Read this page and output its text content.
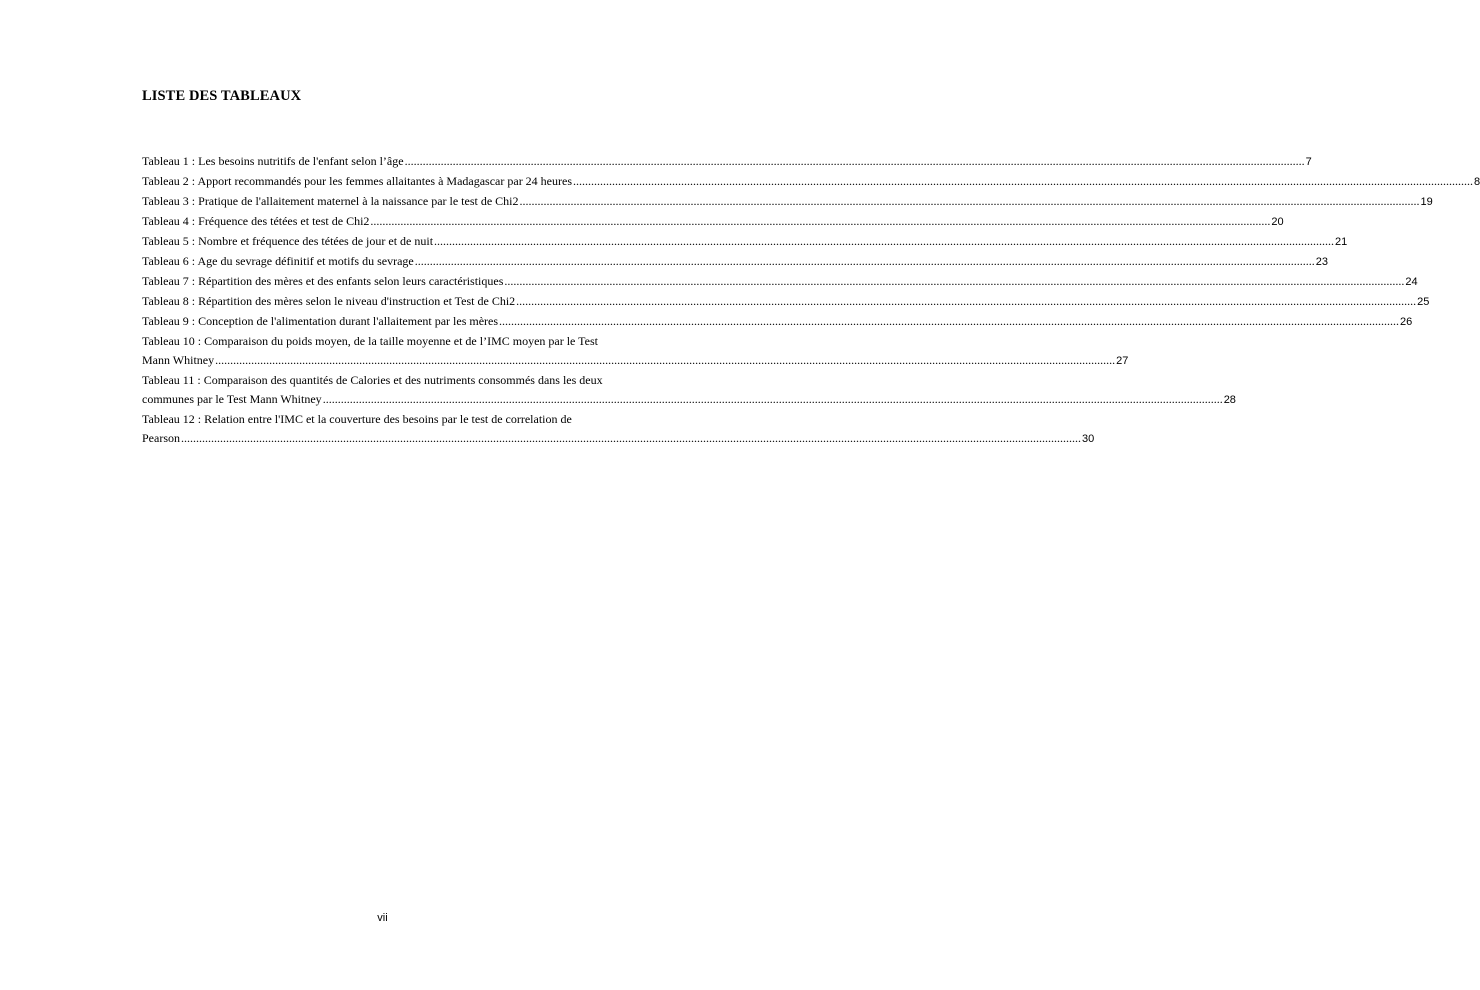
LISTE DES TABLEAUX
Tableau 1 : Les besoins nutritifs de l'enfant selon l’âge ............................................................................................................................................................................................................................................................................................................ 7
Tableau 2 : Apport recommandés pour les femmes allaitantes à Madagascar par 24 heures ............................................................................................................................................................................................................................................................................................................ 8
Tableau 3 : Pratique de l'allaitement maternel à la naissance par le test de Chi2 ............................................................................................................................................................................................................................................................................................................ 19
Tableau 4 : Fréquence des tétées et test de Chi2 ............................................................................................................................................................................................................................................................................................................ 20
Tableau 5 : Nombre et fréquence des tétées de jour et de nuit ............................................................................................................................................................................................................................................................................................................ 21
Tableau 6 : Age du sevrage définitif et motifs du sevrage ............................................................................................................................................................................................................................................................................................................ 23
Tableau 7 : Répartition des mères et des enfants selon leurs caractéristiques ............................................................................................................................................................................................................................................................................................................ 24
Tableau 8 : Répartition des mères selon le niveau d'instruction et Test de Chi2 ............................................................................................................................................................................................................................................................................................................ 25
Tableau 9 : Conception de l'alimentation durant l'allaitement par les mères ............................................................................................................................................................................................................................................................................................................ 26
Tableau 10 : Comparaison du poids moyen, de la taille moyenne et de l’IMC moyen par le Test
Mann Whitney ............................................................................................................................................................................................................................................................................................................ 27
Tableau 11 : Comparaison des quantités de Calories et des nutriments consommés dans les deux
communes par le Test Mann Whitney ............................................................................................................................................................................................................................................................................................................ 28
Tableau 12 : Relation entre l'IMC et la couverture des besoins par le test de correlation de
Pearson ............................................................................................................................................................................................................................................................................................................ 30
vii
